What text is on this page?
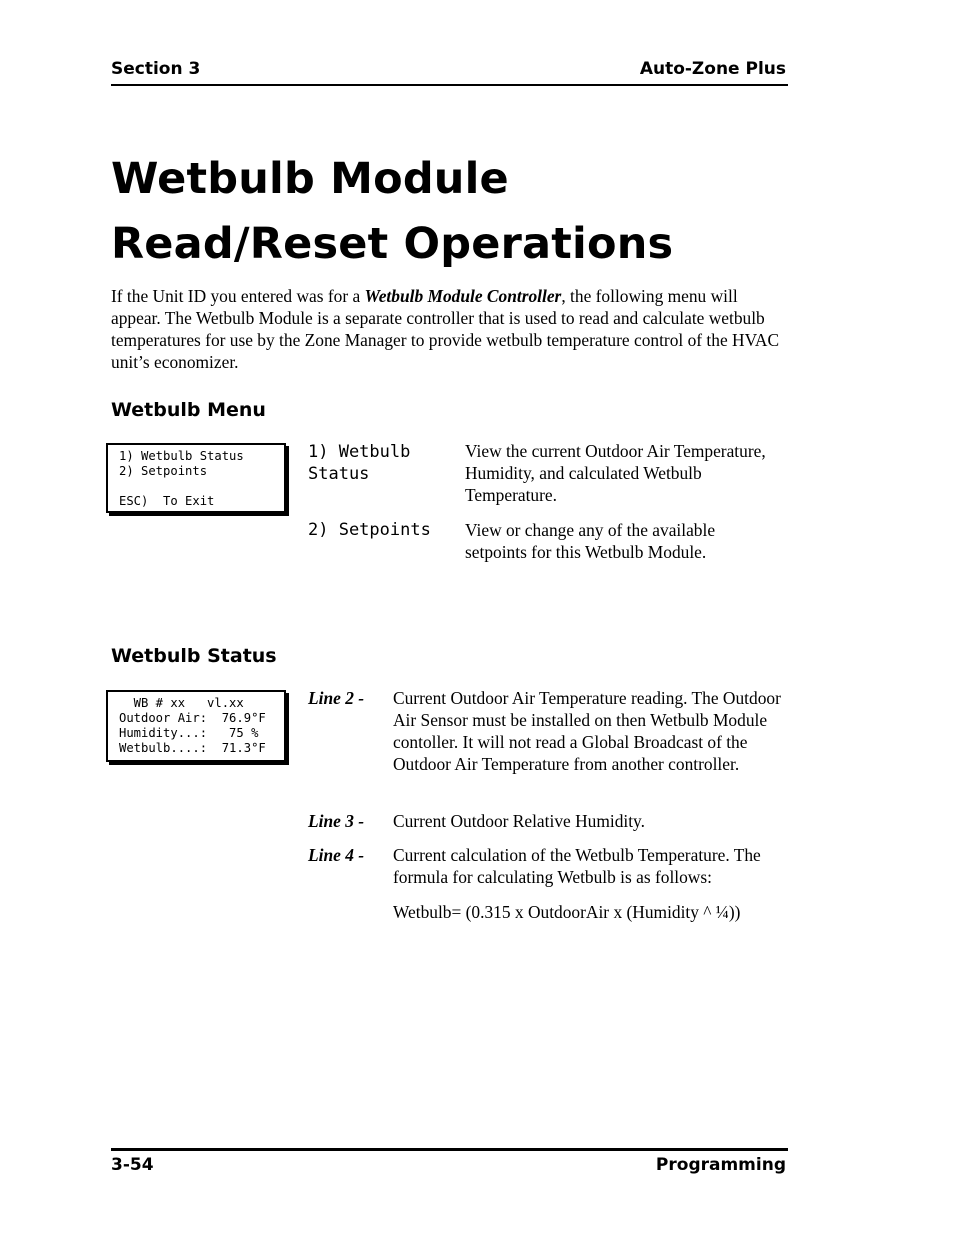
Section 3	Auto-Zone Plus
Wetbulb Module
Read/Reset Operations
If the Unit ID you entered was for a Wetbulb Module Controller, the following menu will appear. The Wetbulb Module is a separate controller that is used to read and calculate wetbulb temperatures for use by the Zone Manager to provide wetbulb temperature control of the HVAC unit’s economizer.
Wetbulb Menu
1) Wetbulb Status
2) Setpoints
ESC)  To Exit
1) Wetbulb
Status
View the current Outdoor Air Temperature, Humidity, and calculated Wetbulb Temperature.
2) Setpoints View or change any of the available setpoints for this Wetbulb Module.
Wetbulb Status
WB # xx   vl.xx
Outdoor Air:  76.9°F
Humidity...:   75 %
Wetbulb....:  71.3°F
Line 2 - Current Outdoor Air Temperature reading. The Outdoor Air Sensor must be installed on then Wetbulb Module contoller. It will not read a Global Broadcast of the Outdoor Air Temperature from another controller.
Line 3 - Current Outdoor Relative Humidity.
Line 4 - Current calculation of the Wetbulb Temperature. The formula for calculating Wetbulb is as follows:
Wetbulb= (0.315 x OutdoorAir x (Humidity ^ ¼))
3-54	Programming
